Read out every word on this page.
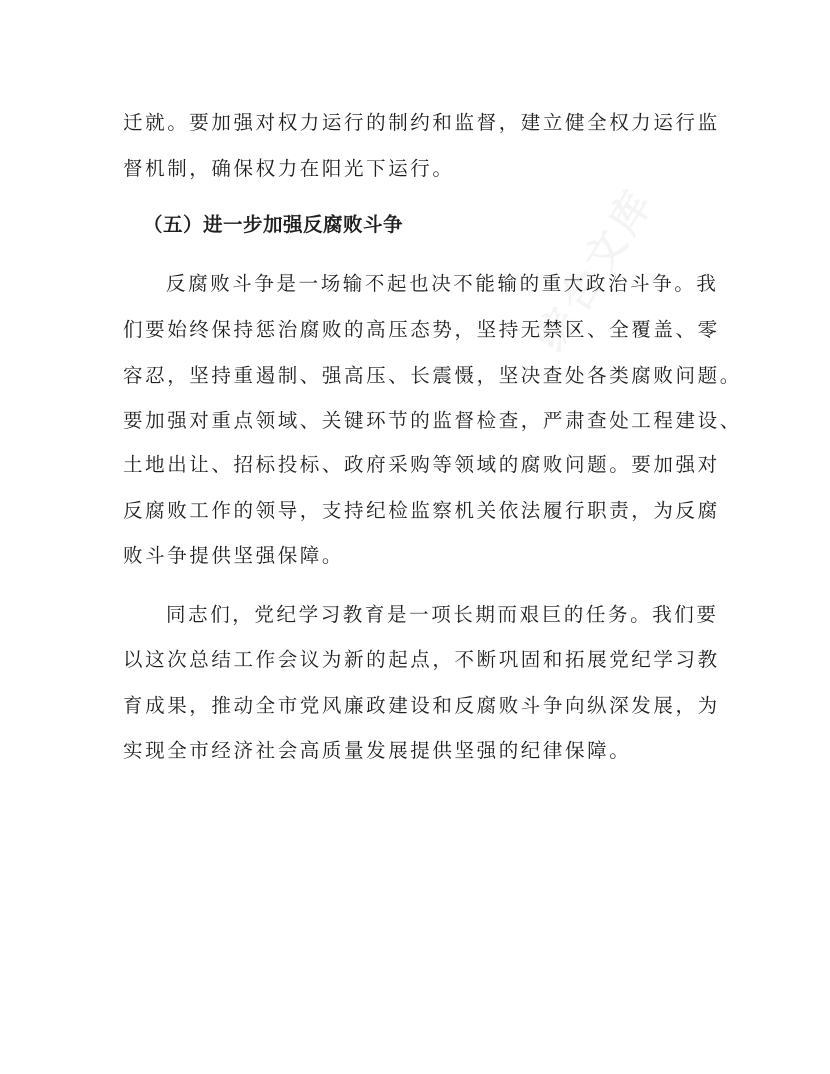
迁就。要加强对权力运行的制约和监督，建立健全权力运行监
督机制，确保权力在阳光下运行。
（五）进一步加强反腐败斗争
反腐败斗争是一场输不起也决不能输的重大政治斗争。我
们要始终保持惩治腐败的高压态势，坚持无禁区、全覆盖、零
容忍，坚持重遏制、强高压、长震慑，坚决查处各类腐败问题。
要加强对重点领域、关键环节的监督检查，严肃查处工程建设、
土地出让、招标投标、政府采购等领域的腐败问题。要加强对
反腐败工作的领导，支持纪检监察机关依法履行职责，为反腐
败斗争提供坚强保障。
同志们，党纪学习教育是一项长期而艰巨的任务。我们要
以这次总结工作会议为新的起点，不断巩固和拓展党纪学习教
育成果，推动全市党风廉政建设和反腐败斗争向纵深发展，为
实现全市经济社会高质量发展提供坚强的纪律保障。
